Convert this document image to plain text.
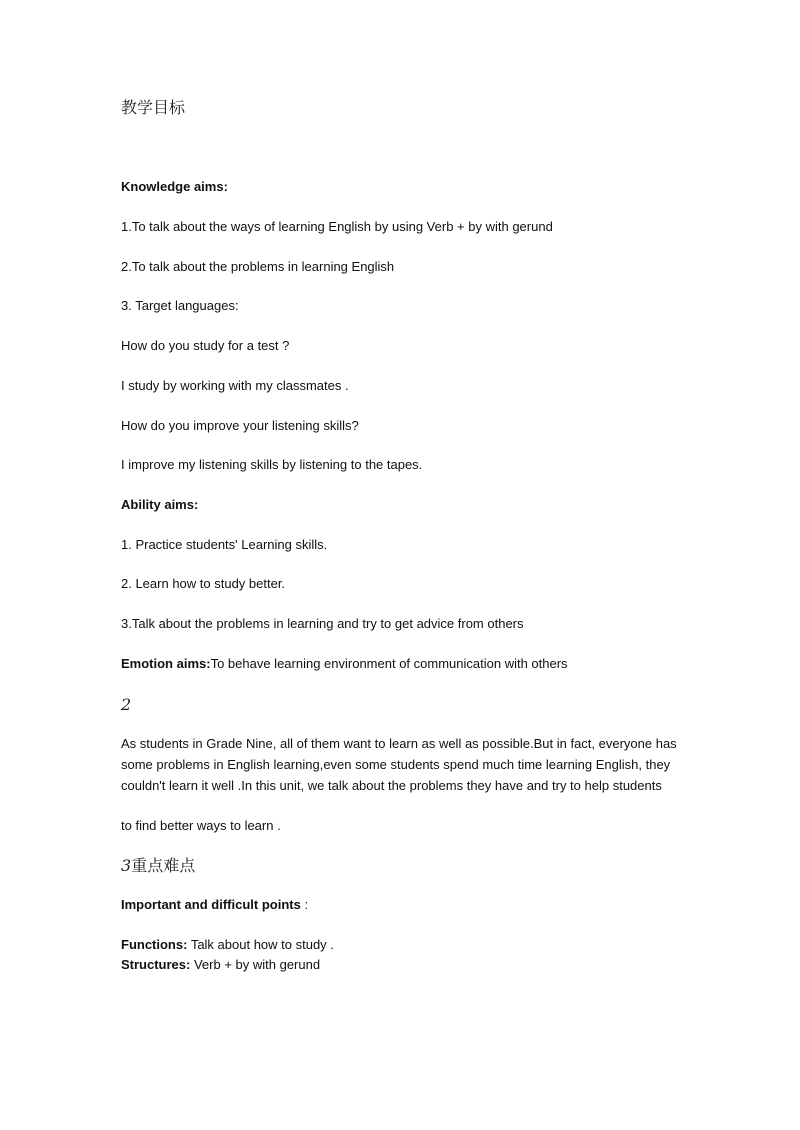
教学目标
Knowledge aims:
1.To talk about the ways of learning English by using Verb + by with gerund
2.To talk about the problems in learning English
3. Target languages:
How do you study for a test ?
I study by working with my classmates .
How do you improve your listening skills?
I improve my listening skills by listening to the tapes.
Ability aims:
1. Practice students' Learning skills.
2. Learn how to study better.
3.Talk about the problems in learning and try to get advice from others
Emotion aims:To behave learning environment of communication with others
2
As students in Grade Nine, all of them want to learn as well as possible.But in fact, everyone has
some problems in English learning,even some students spend much time learning English, they
couldn't learn it well .In this unit, we talk about the problems they have and try to help students
to find better ways to learn .
3重点难点
Important and difficult points :
Functions: Talk about how to study .
Structures: Verb + by with gerund
